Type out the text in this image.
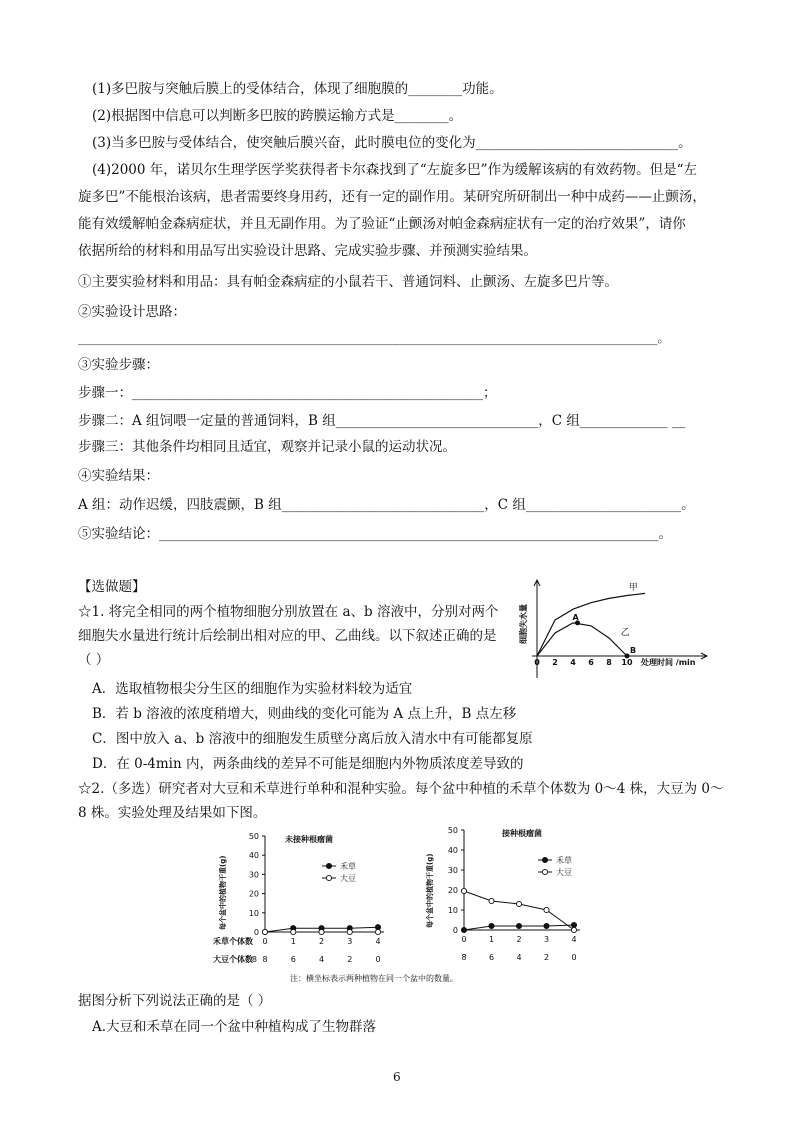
(1)多巴胺与突触后膜上的受体结合，体现了细胞膜的________功能。
(2)根据图中信息可以判断多巴胺的跨膜运输方式是________。
(3)当多巴胺与受体结合，使突触后膜兴奋，此时膜电位的变化为______________________________。
(4)2000 年，诺贝尔生理学医学奖获得者卡尔森找到了“左旋多巴”作为缓解该病的有效药物。但是“左
旋多巴”不能根治该病，患者需要终身用药，还有一定的副作用。某研究所研制出一种中成药——止颤汤，
能有效缓解帕金森病症状，并且无副作用。为了验证“止颤汤对帕金森病症状有一定的治疗效果”，请你
依据所给的材料和用品写出实验设计思路、完成实验步骤、并预测实验结果。
①主要实验材料和用品：具有帕金森病症的小鼠若干、普通饲料、止颤汤、左旋多巴片等。
②实验设计思路：
____________________________________________________________________________________________。
③实验步骤：
步骤一：____________________________________________________；
步骤二：A 组饲喂一定量的普通饲料，B 组______________________________，C 组_____________ __
步骤三：其他条件均相同且适宜，观察并记录小鼠的运动状况。
④实验结果：
A 组：动作迟缓，四肢震颤，B 组______________________________，C 组_______________________。
⑤实验结论：__________________________________________________________________________。
【选做题】
☆1. 将完全相同的两个植物细胞分别放置在 a、b 溶液中，分别对两个
细胞失水量进行统计后绘制出相对应的甲、乙曲线。以下叙述正确的是
（ ）
A．选取植物根尖分生区的细胞作为实验材料较为适宜
B．若 b 溶液的浓度稍增大，则曲线的变化可能为 A 点上升，B 点左移
C．图中放入 a、b 溶液中的细胞发生质壁分离后放入清水中有可能都复原
D．在 0-4min 内，两条曲线的差异不可能是细胞内外物质浓度差导致的
☆2.（多选）研究者对大豆和禾草进行单种和混种实验。每个盆中种植的禾草个体数为 0～4 株，大豆为 0～
8 株。实验处理及结果如下图。
据图分析下列说法正确的是（ ）
A.大豆和禾草在同一个盆中种植构成了生物群落
6
0 2 4 6 8 10 处理时间 /min
细胞失水量
甲
乙
A
B
0
10
20
30
40
50
每个盆中的植物干重(g)
未接种根瘤菌
0	1	2	3	4
8	6	4	2	0
禾草个体数
大豆个体数
8
禾草
大豆
0
10
20
30
40
50
每个盆中的植物干重(g)
接种根瘤菌
0	1	2	3	4
8	6	4	2	0
禾草
大豆
注：横坐标表示两种植物在同一个盆中的数量。
